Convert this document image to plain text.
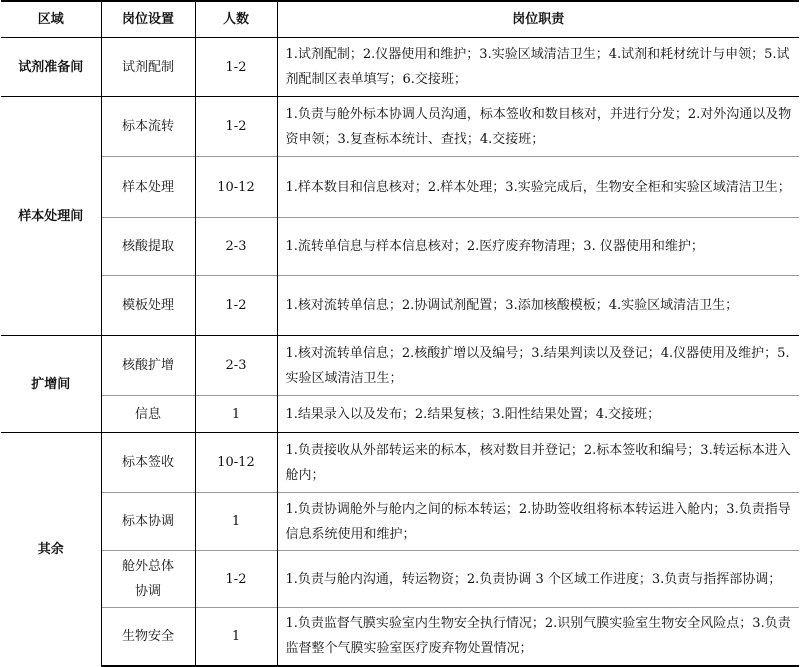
区域	岗位设置	人数	岗位职责
试剂准备间	试剂配制	1-2	1.试剂配制；2.仪器使用和维护；3.实验区域清洁卫生；4.试剂和耗材统计与申领；5.试剂配制区表单填写；6.交接班；
样本处理间	标本流转	1-2	1.负责与舱外标本协调人员沟通，标本签收和数目核对，并进行分发；2.对外沟通以及物资申领；3.复查标本统计、查找；4.交接班；
	样本处理	10-12	1.样本数目和信息核对；2.样本处理；3.实验完成后，生物安全柜和实验区域清洁卫生；
	核酸提取	2-3	1.流转单信息与样本信息核对；2.医疗废弃物清理；3. 仪器使用和维护；
	模板处理	1-2	1.核对流转单信息；2.协调试剂配置；3.添加核酸模板；4.实验区域清洁卫生；
扩增间	核酸扩增	2-3	1.核对流转单信息；2.核酸扩增以及编号；3.结果判读以及登记；4.仪器使用及维护；5. 实验区域清洁卫生；
	信息	1	1.结果录入以及发布；2.结果复核；3.阳性结果处置；4.交接班；
其余	标本签收	10-12	1.负责接收从外部转运来的标本，核对数目并登记；2.标本签收和编号；3.转运标本进入舱内；
	标本协调	1	1.负责协调舱外与舱内之间的标本转运；2.协助签收组将标本转运进入舱内；3.负责指导信息系统使用和维护；
	舱外总体协调	1-2	1.负责与舱内沟通，转运物资；2.负责协调 3 个区域工作进度；3.负责与指挥部协调；
	生物安全	1	1.负责监督气膜实验室内生物安全执行情况；2.识别气膜实验室生物安全风险点；3.负责监督整个气膜实验室医疗废弃物处置情况；
